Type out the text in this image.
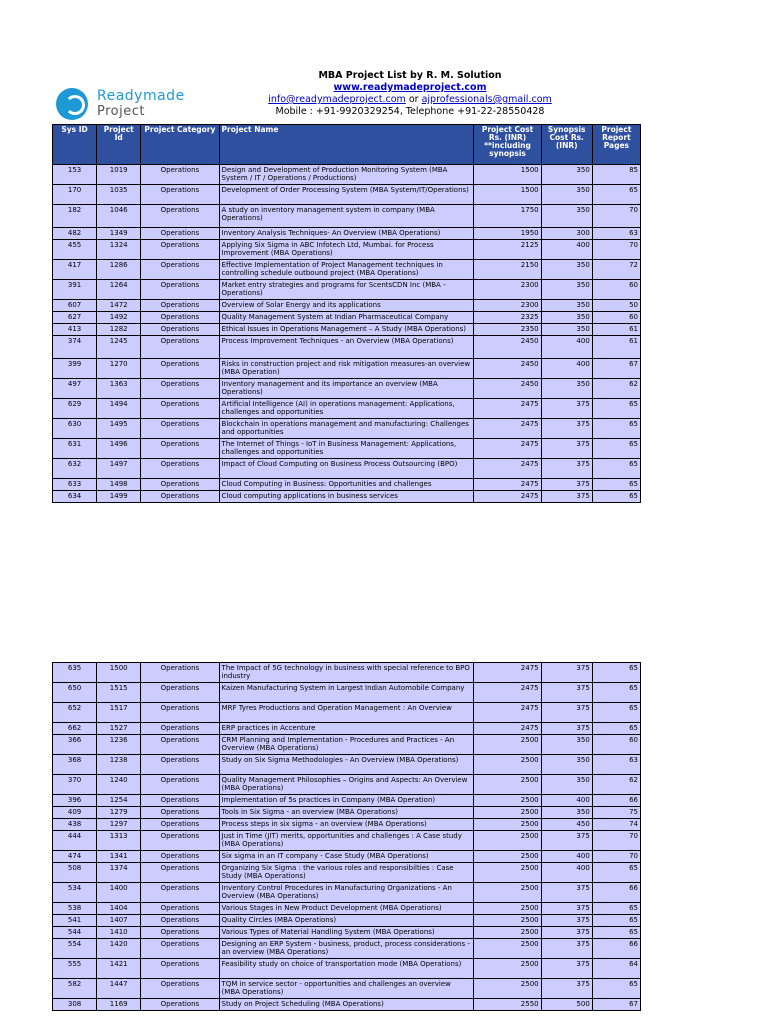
Readymade
Project
MBA Project List by R. M. Solution
www.readymadeproject.com
info@readymadeproject.com or ajprofessionals@gmail.com
Mobile : +91-9920329254, Telephone +91-22-28550428
Sys ID	Project Id	Project Category	Project Name	Project Cost Rs. (INR) **including synopsis	Synopsis Cost Rs. (INR)	Project Report Pages
153	1019	Operations	Design and Development of Production Monitoring System (MBA System / IT / Operations / Productions)	1500	350	85
170	1035	Operations	Development of Order Processing System (MBA System/IT/Operations)	1500	350	65
182	1046	Operations	A study on inventory management system in company (MBA Operations)	1750	350	70
482	1349	Operations	Inventory Analysis Techniques- An Overview (MBA Operations)	1950	300	63
455	1324	Operations	Applying Six Sigma in ABC Infotech Ltd, Mumbai. for Process Improvement (MBA Operations)	2125	400	70
417	1286	Operations	Effective Implementation of Project Management techniques in controlling schedule outbound project (MBA Operations)	2150	350	72
391	1264	Operations	Market entry strategies and programs for ScentsCDN Inc (MBA - Operations)	2300	350	60
607	1472	Operations	Overview of Solar Energy and its applications	2300	350	50
627	1492	Operations	Quality Management System at Indian Pharmaceutical Company	2325	350	60
413	1282	Operations	Ethical Issues in Operations Management – A Study (MBA Operations)	2350	350	61
374	1245	Operations	Process Improvement Techniques - an Overview (MBA Operations)	2450	400	61
399	1270	Operations	Risks in construction project and risk mitigation measures-an overview (MBA Operation)	2450	400	67
497	1363	Operations	Inventory management and its importance an overview (MBA Operations)	2450	350	62
629	1494	Operations	Artificial Intelligence (AI) in operations management: Applications, challenges and opportunities	2475	375	65
630	1495	Operations	Blockchain in operations management and manufacturing: Challenges and opportunities	2475	375	65
631	1496	Operations	The Internet of Things - IoT in Business Management: Applications, challenges and opportunities	2475	375	65
632	1497	Operations	Impact of Cloud Computing on Business Process Outsourcing (BPO)	2475	375	65
633	1498	Operations	Cloud Computing in Business: Opportunities and challenges	2475	375	65
634	1499	Operations	Cloud computing applications in business services	2475	375	65
635	1500	Operations	The Impact of 5G technology in business with special reference to BPO industry	2475	375	65
650	1515	Operations	Kaizen Manufacturing System in Largest Indian Automobile Company	2475	375	65
652	1517	Operations	MRF Tyres Productions and Operation Management : An Overview	2475	375	65
662	1527	Operations	ERP practices in Accenture	2475	375	65
366	1236	Operations	CRM Planning and Implementation - Procedures and Practices - An Overview (MBA Operations)	2500	350	60
368	1238	Operations	Study on Six Sigma Methodologies - An Overview (MBA Operations)	2500	350	63
370	1240	Operations	Quality Management Philosophies – Origins and Aspects: An Overview (MBA Operations)	2500	350	62
396	1254	Operations	Implementation of 5s practices in Company (MBA Operation)	2500	400	66
409	1279	Operations	Tools in Six Sigma - an overview (MBA Operations)	2500	350	75
438	1297	Operations	Process steps in six sigma - an overview (MBA Operations)	2500	450	74
444	1313	Operations	Just in Time (JIT) merits, opportunities and challenges : A Case study (MBA Operations)	2500	375	70
474	1341	Operations	Six sigma in an IT company - Case Study (MBA Operations)	2500	400	70
508	1374	Operations	Organizing Six Sigma : the various roles and responsibilties : Case Study (MBA Operations)	2500	400	65
534	1400	Operations	Inventory Control Procedures in Manufacturing Organizations - An Overview (MBA Operations)	2500	375	66
538	1404	Operations	Various Stages in New Product Development (MBA Operations)	2500	375	65
541	1407	Operations	Quality Circles (MBA Operations)	2500	375	65
544	1410	Operations	Various Types of Material Handling System (MBA Operations)	2500	375	65
554	1420	Operations	Designing an ERP System - business, product, process considerations - an overview (MBA Operations)	2500	375	66
555	1421	Operations	Feasibility study on choice of transportation mode (MBA Operations)	2500	375	64
582	1447	Operations	TQM in service sector - opportunities and challenges an overview (MBA Operations)	2500	375	65
308	1169	Operations	Study on Project Scheduling (MBA Operations)	2550	500	67
